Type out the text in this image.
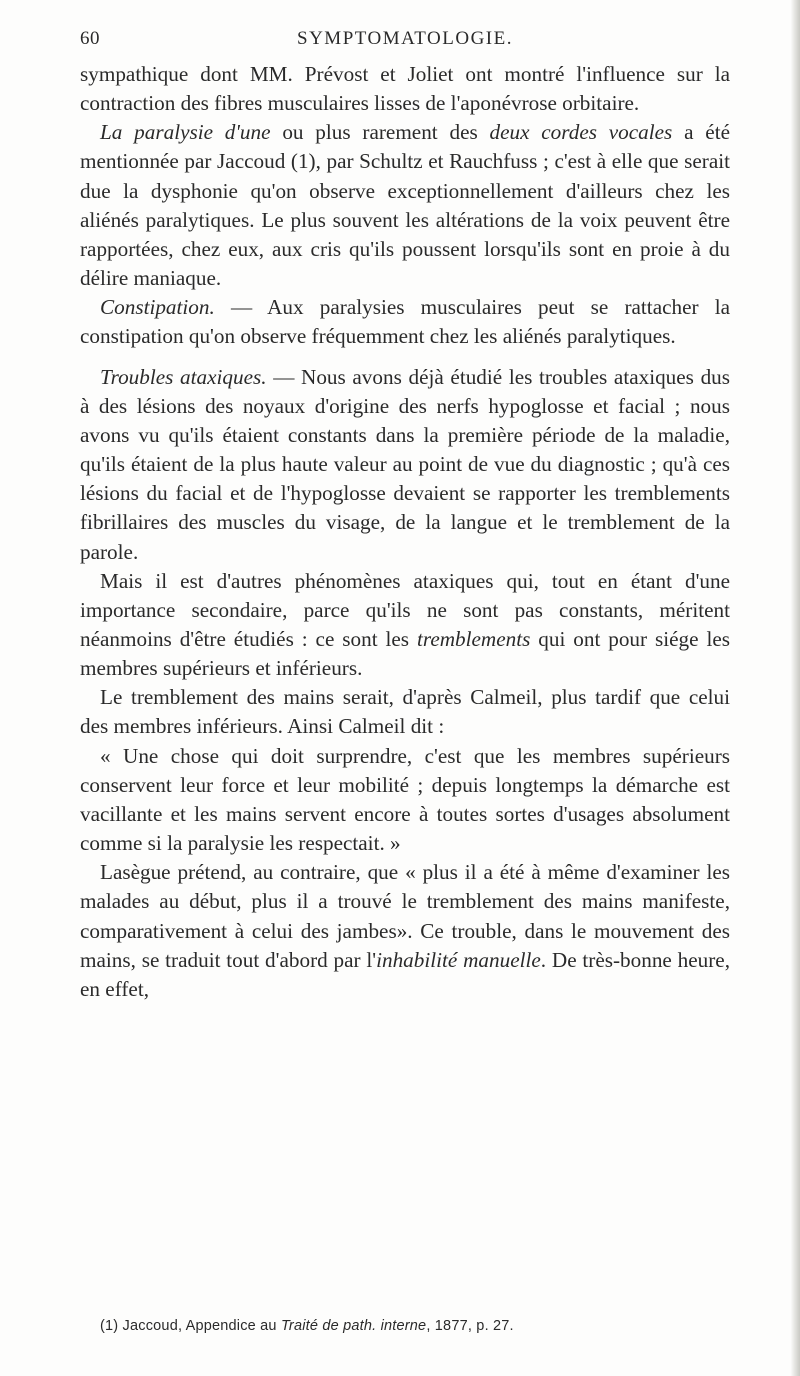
60	SYMPTOMATOLOGIE.

sympathique dont MM. Prévost et Joliet ont montré l'influence sur la contraction des fibres musculaires lisses de l'aponévrose orbitaire.

La paralysie d'une ou plus rarement des deux cordes vocales a été mentionnée par Jaccoud (1), par Schultz et Rauchfuss ; c'est à elle que serait due la dysphonie qu'on observe exceptionnellement d'ailleurs chez les aliénés paralytiques. Le plus souvent les altérations de la voix peuvent être rapportées, chez eux, aux cris qu'ils poussent lorsqu'ils sont en proie à du délire maniaque.

Constipation. — Aux paralysies musculaires peut se rattacher la constipation qu'on observe fréquemment chez les aliénés paralytiques.

Troubles ataxiques. — Nous avons déjà étudié les troubles ataxiques dus à des lésions des noyaux d'origine des nerfs hypoglosse et facial ; nous avons vu qu'ils étaient constants dans la première période de la maladie, qu'ils étaient de la plus haute valeur au point de vue du diagnostic ; qu'à ces lésions du facial et de l'hypoglosse devaient se rapporter les tremblements fibrillaires des muscles du visage, de la langue et le tremblement de la parole.

Mais il est d'autres phénomènes ataxiques qui, tout en étant d'une importance secondaire, parce qu'ils ne sont pas constants, méritent néanmoins d'être étudiés : ce sont les tremblements qui ont pour siége les membres supérieurs et inférieurs.

Le tremblement des mains serait, d'après Calmeil, plus tardif que celui des membres inférieurs. Ainsi Calmeil dit :

« Une chose qui doit surprendre, c'est que les membres supérieurs conservent leur force et leur mobilité ; depuis longtemps la démarche est vacillante et les mains servent encore à toutes sortes d'usages absolument comme si la paralysie les respectait. »

Lasègue prétend, au contraire, que « plus il a été à même d'examiner les malades au début, plus il a trouvé le tremblement des mains manifeste, comparativement à celui des jambes». Ce trouble, dans le mouvement des mains, se traduit tout d'abord par l'inhabilité manuelle. De très-bonne heure, en effet,

(1) Jaccoud, Appendice au Traité de path. interne, 1877, p. 27.
